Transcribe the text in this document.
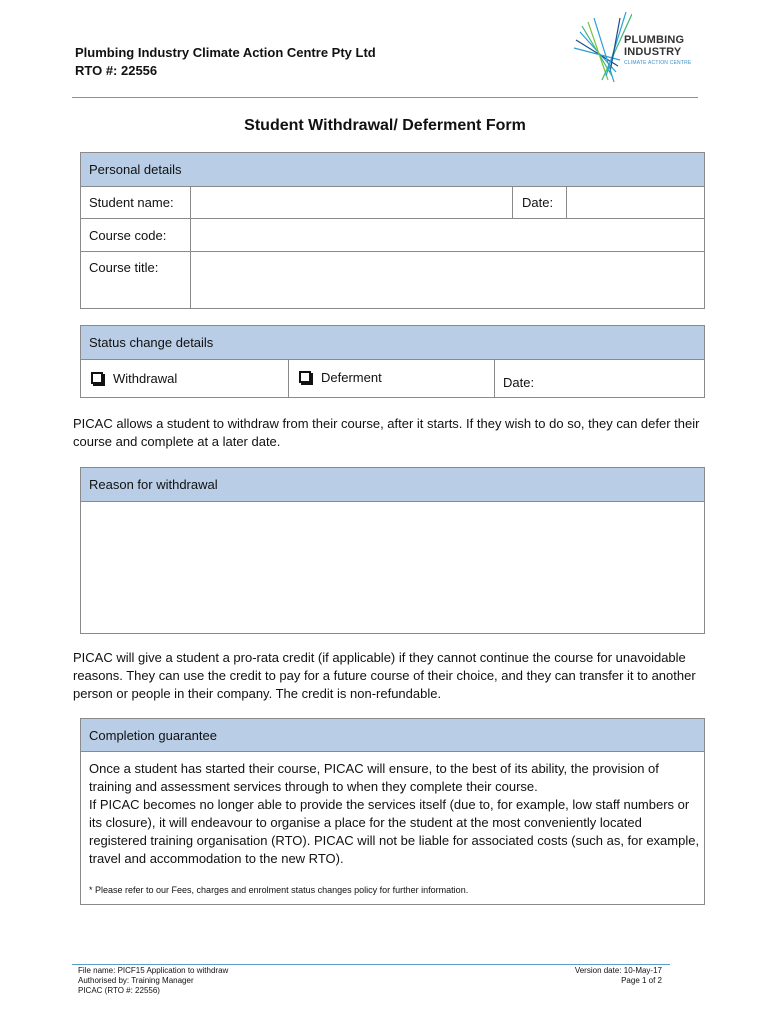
Plumbing Industry Climate Action Centre Pty Ltd
RTO #: 22556
PLUMBING
INDUSTRY
CLIMATE ACTION CENTRE
Student Withdrawal/ Deferment Form
Personal details
Student name:	Date:
Course code:
Course title:
Status change details
Withdrawal	Deferment	Date:
PICAC allows a student to withdraw from their course, after it starts. If they wish to do so, they can defer their course and complete at a later date.
Reason for withdrawal
PICAC will give a student a pro-rata credit (if applicable) if they cannot continue the course for unavoidable reasons. They can use the credit to pay for a future course of their choice, and they can transfer it to another person or people in their company. The credit is non-refundable.
Completion guarantee
Once a student has started their course, PICAC will ensure, to the best of its ability, the provision of training and assessment services through to when they complete their course.
If PICAC becomes no longer able to provide the services itself (due to, for example, low staff numbers or its closure), it will endeavour to organise a place for the student at the most conveniently located registered training organisation (RTO). PICAC will not be liable for associated costs (such as, for example, travel and accommodation to the new RTO).
* Please refer to our Fees, charges and enrolment status changes policy for further information.
File name: PICF15 Application to withdraw
Authorised by: Training Manager
PICAC (RTO #: 22556)
Version date: 10-May-17
Page 1 of 2
